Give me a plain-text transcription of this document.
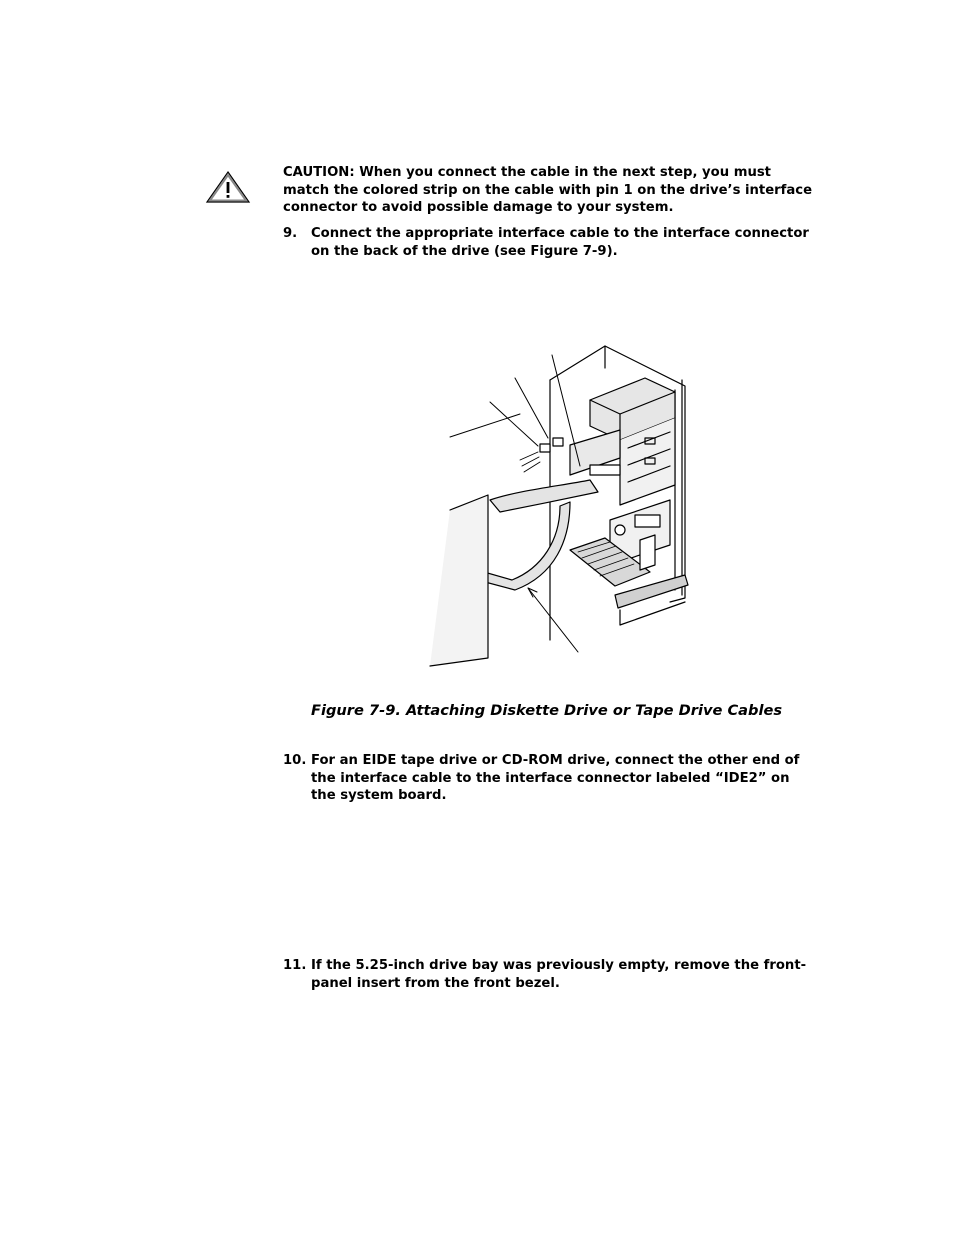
CAUTION: When you connect the cable in the next step, you must match the colored strip on the cable with pin 1 on the drive’s interface connector to avoid possible damage to your system.
9.	Connect the appropriate interface cable to the interface connector on the back of the drive (see Figure 7-9).
Figure 7-9. Attaching Diskette Drive or Tape Drive Cables
10. For an EIDE tape drive or CD-ROM drive, connect the other end of the interface cable to the interface connector labeled “IDE2” on the system board.
11. If the 5.25-inch drive bay was previously empty, remove the front-panel insert from the front bezel.
